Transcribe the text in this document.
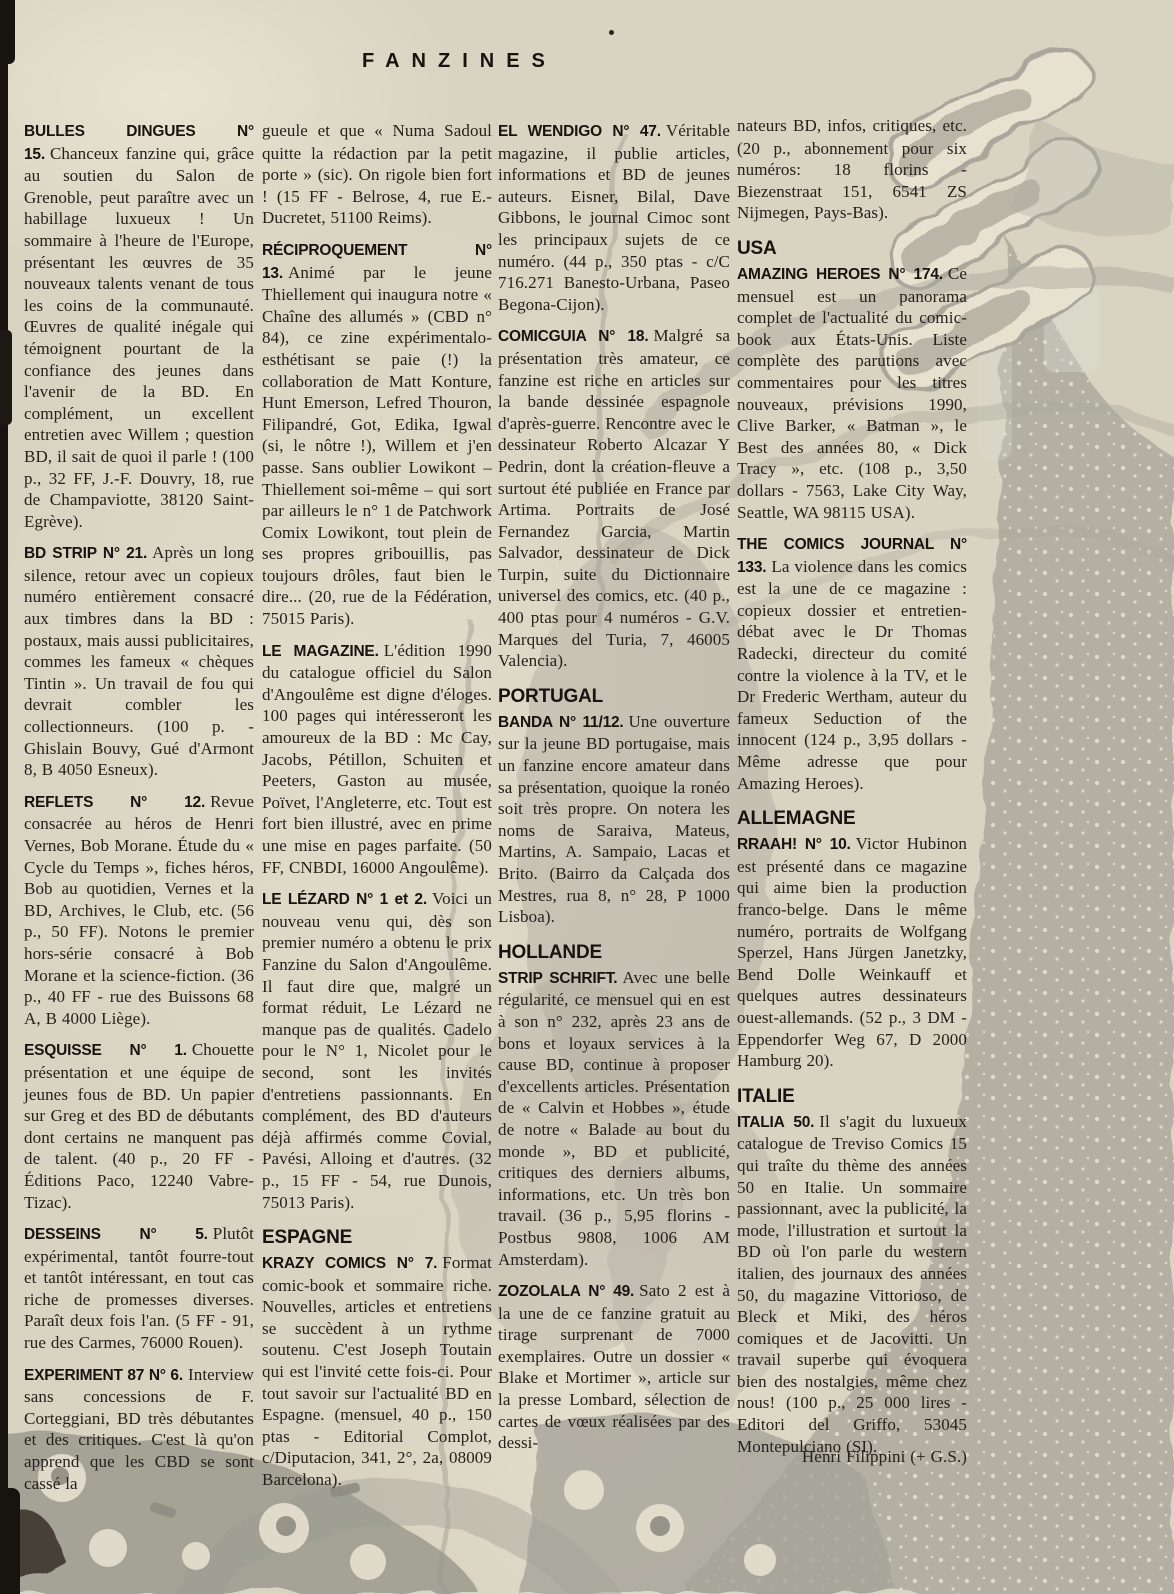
FANZINES

BULLES DINGUES N° 15. Chanceux fanzine qui, grâce au soutien du Salon de Grenoble, peut paraître avec un habillage luxueux ! Un sommaire à l'heure de l'Europe, présentant les œuvres de 35 nouveaux talents venant de tous les coins de la communauté. Œuvres de qualité inégale qui témoignent pourtant de la confiance des jeunes dans l'avenir de la BD. En complément, un excellent entretien avec Willem ; question BD, il sait de quoi il parle ! (100 p., 32 FF, J.-F. Douvry, 18, rue de Champaviotte, 38120 Saint-Egrève).

BD STRIP N° 21. Après un long silence, retour avec un copieux numéro entièrement consacré aux timbres dans la BD : postaux, mais aussi publicitaires, commes les fameux « chèques Tintin ». Un travail de fou qui devrait combler les collectionneurs. (100 p. - Ghislain Bouvy, Gué d'Armont 8, B 4050 Esneux).

REFLETS N° 12. Revue consacrée au héros de Henri Vernes, Bob Morane. Étude du « Cycle du Temps », fiches héros, Bob au quotidien, Vernes et la BD, Archives, le Club, etc. (56 p., 50 FF). Notons le premier hors-série consacré à Bob Morane et la science-fiction. (36 p., 40 FF - rue des Buissons 68 A, B 4000 Liège).

ESQUISSE N° 1. Chouette présentation et une équipe de jeunes fous de BD. Un papier sur Greg et des BD de débutants dont certains ne manquent pas de talent. (40 p., 20 FF - Éditions Paco, 12240 Vabre-Tizac).

DESSEINS N° 5. Plutôt expérimental, tantôt fourre-tout et tantôt intéressant, en tout cas riche de promesses diverses. Paraît deux fois l'an. (5 FF - 91, rue des Carmes, 76000 Rouen).

EXPERIMENT 87 N° 6. Interview sans concessions de F. Corteggiani, BD très débutantes et des critiques. C'est là qu'on apprend que les CBD se sont cassé la

gueule et que « Numa Sadoul quitte la rédaction par la petit porte » (sic). On rigole bien fort ! (15 FF - Belrose, 4, rue E.-Ducretet, 51100 Reims).

RÉCIPROQUEMENT N° 13. Animé par le jeune Thiellement qui inaugura notre « Chaîne des allumés » (CBD n° 84), ce zine expérimentalo-esthétisant se paie (!) la collaboration de Matt Konture, Hunt Emerson, Lefred Thouron, Filipandré, Got, Edika, Igwal (si, le nôtre !), Willem et j'en passe. Sans oublier Lowikont – Thiellement soi-même – qui sort par ailleurs le n° 1 de Patchwork Comix Lowikont, tout plein de ses propres gribouillis, pas toujours drôles, faut bien le dire... (20, rue de la Fédération, 75015 Paris).

LE MAGAZINE. L'édition 1990 du catalogue officiel du Salon d'Angoulême est digne d'éloges. 100 pages qui intéresseront les amoureux de la BD : Mc Cay, Jacobs, Pétillon, Schuiten et Peeters, Gaston au musée, Poïvet, l'Angleterre, etc. Tout est fort bien illustré, avec en prime une mise en pages parfaite. (50 FF, CNBDI, 16000 Angoulême).

LE LÉZARD N° 1 et 2. Voici un nouveau venu qui, dès son premier numéro a obtenu le prix Fanzine du Salon d'Angoulême. Il faut dire que, malgré un format réduit, Le Lézard ne manque pas de qualités. Cadelo pour le N° 1, Nicolet pour le second, sont les invités d'entretiens passionnants. En complément, des BD d'auteurs déjà affirmés comme Covial, Pavési, Alloing et d'autres. (32 p., 15 FF - 54, rue Dunois, 75013 Paris).

ESPAGNE

KRAZY COMICS N° 7. Format comic-book et sommaire riche. Nouvelles, articles et entretiens se succèdent à un rythme soutenu. C'est Joseph Toutain qui est l'invité cette fois-ci. Pour tout savoir sur l'actualité BD en Espagne. (mensuel, 40 p., 150 ptas - Editorial Complot, c/Diputacion, 341, 2°, 2a, 08009 Barcelona).

EL WENDIGO N° 47. Véritable magazine, il publie articles, informations et BD de jeunes auteurs. Eisner, Bilal, Dave Gibbons, le journal Cimoc sont les principaux sujets de ce numéro. (44 p., 350 ptas - c/C 716.271 Banesto-Urbana, Paseo Begona-Cijon).

COMICGUIA N° 18. Malgré sa présentation très amateur, ce fanzine est riche en articles sur la bande dessinée espagnole d'après-guerre. Rencontre avec le dessinateur Roberto Alcazar Y Pedrin, dont la création-fleuve a surtout été publiée en France par Artima. Portraits de José Fernandez Garcia, Martin Salvador, dessinateur de Dick Turpin, suite du Dictionnaire universel des comics, etc. (40 p., 400 ptas pour 4 numéros - G.V. Marques del Turia, 7, 46005 Valencia).

PORTUGAL

BANDA N° 11/12. Une ouverture sur la jeune BD portugaise, mais un fanzine encore amateur dans sa présentation, quoique la ronéo soit très propre. On notera les noms de Saraiva, Mateus, Martins, A. Sampaio, Lacas et Brito. (Bairro da Calçada dos Mestres, rua 8, n° 28, P 1000 Lisboa).

HOLLANDE

STRIP SCHRIFT. Avec une belle régularité, ce mensuel qui en est à son n° 232, après 23 ans de bons et loyaux services à la cause BD, continue à proposer d'excellents articles. Présentation de « Calvin et Hobbes », étude de notre « Balade au bout du monde », BD et publicité, critiques des derniers albums, informations, etc. Un très bon travail. (36 p., 5,95 florins - Postbus 9808, 1006 AM Amsterdam).

ZOZOLALA N° 49. Sato 2 est à la une de ce fanzine gratuit au tirage surprenant de 7000 exemplaires. Outre un dossier « Blake et Mortimer », article sur la presse Lombard, sélection de cartes de vœux réalisées par des dessi-

nateurs BD, infos, critiques, etc. (20 p., abonnement pour six numéros: 18 florins - Biezenstraat 151, 6541 ZS Nijmegen, Pays-Bas).

USA

AMAZING HEROES N° 174. Ce mensuel est un panorama complet de l'actualité du comic-book aux États-Unis. Liste complète des parutions avec commentaires pour les titres nouveaux, prévisions 1990, Clive Barker, « Batman », le Best des années 80, « Dick Tracy », etc. (108 p., 3,50 dollars - 7563, Lake City Way, Seattle, WA 98115 USA).

THE COMICS JOURNAL N° 133. La violence dans les comics est la une de ce magazine : copieux dossier et entretien-débat avec le Dr Thomas Radecki, directeur du comité contre la violence à la TV, et le Dr Frederic Wertham, auteur du fameux Seduction of the innocent (124 p., 3,95 dollars - Même adresse que pour Amazing Heroes).

ALLEMAGNE

RRAAH! N° 10. Victor Hubinon est présenté dans ce magazine qui aime bien la production franco-belge. Dans le même numéro, portraits de Wolfgang Sperzel, Hans Jürgen Janetzky, Bend Dolle Weinkauff et quelques autres dessinateurs ouest-allemands. (52 p., 3 DM - Eppendorfer Weg 67, D 2000 Hamburg 20).

ITALIE

ITALIA 50. Il s'agit du luxueux catalogue de Treviso Comics 15 qui traîte du thème des années 50 en Italie. Un sommaire passionnant, avec la publicité, la mode, l'illustration et surtout la BD où l'on parle du western italien, des journaux des années 50, du magazine Vittorioso, de Bleck et Miki, des héros comiques et de Jacovitti. Un travail superbe qui évoquera bien des nostalgies, même chez nous! (100 p., 25 000 lires - Editori del Griffo, 53045 Montepulciano (SI).

Henri Filippini (+ G.S.)
